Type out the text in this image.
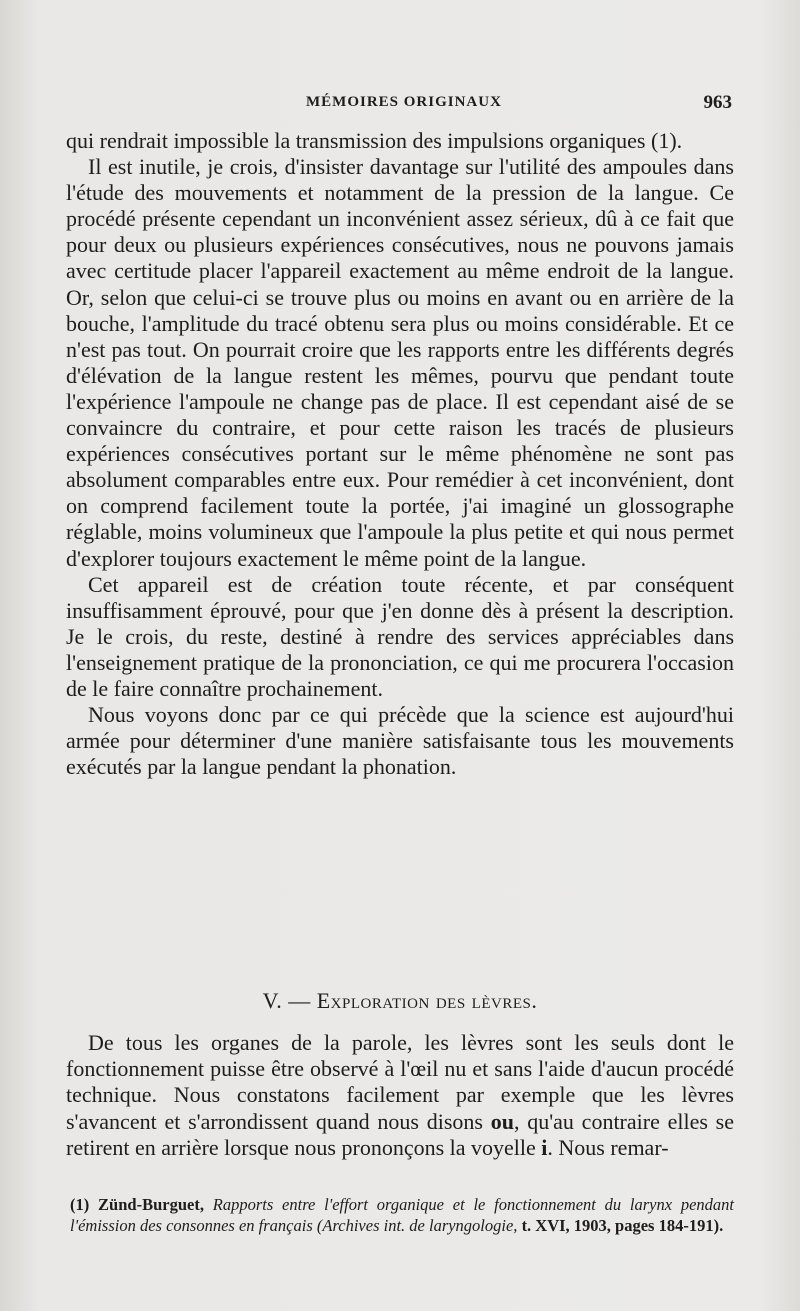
MÉMOIRES ORIGINAUX	963

qui rendrait impossible la transmission des impulsions organiques (1).

Il est inutile, je crois, d'insister davantage sur l'utilité des ampoules dans l'étude des mouvements et notamment de la pression de la langue. Ce procédé présente cependant un inconvénient assez sérieux, dû à ce fait que pour deux ou plusieurs expériences consécutives, nous ne pouvons jamais avec certitude placer l'appareil exactement au même endroit de la langue. Or, selon que celui-ci se trouve plus ou moins en avant ou en arrière de la bouche, l'amplitude du tracé obtenu sera plus ou moins considérable. Et ce n'est pas tout. On pourrait croire que les rapports entre les différents degrés d'élévation de la langue restent les mêmes, pourvu que pendant toute l'expérience l'ampoule ne change pas de place. Il est cependant aisé de se convaincre du contraire, et pour cette raison les tracés de plusieurs expériences consécutives portant sur le même phénomène ne sont pas absolument comparables entre eux. Pour remédier à cet inconvénient, dont on comprend facilement toute la portée, j'ai imaginé un glossographe réglable, moins volumineux que l'ampoule la plus petite et qui nous permet d'explorer toujours exactement le même point de la langue.

Cet appareil est de création toute récente, et par conséquent insuffisamment éprouvé, pour que j'en donne dès à présent la description. Je le crois, du reste, destiné à rendre des services appréciables dans l'enseignement pratique de la prononciation, ce qui me procurera l'occasion de le faire connaître prochainement.

Nous voyons donc par ce qui précède que la science est aujourd'hui armée pour déterminer d'une manière satisfaisante tous les mouvements exécutés par la langue pendant la phonation.

V. — Exploration des lèvres.

De tous les organes de la parole, les lèvres sont les seuls dont le fonctionnement puisse être observé à l'œil nu et sans l'aide d'aucun procédé technique. Nous constatons facilement par exemple que les lèvres s'avancent et s'arrondissent quand nous disons ou, qu'au contraire elles se retirent en arrière lorsque nous prononçons la voyelle i. Nous remar-

(1) Zünd-Burguet, Rapports entre l'effort organique et le fonctionnement du larynx pendant l'émission des consonnes en français (Archives int. de laryngologie, t. XVI, 1903, pages 184-191).
